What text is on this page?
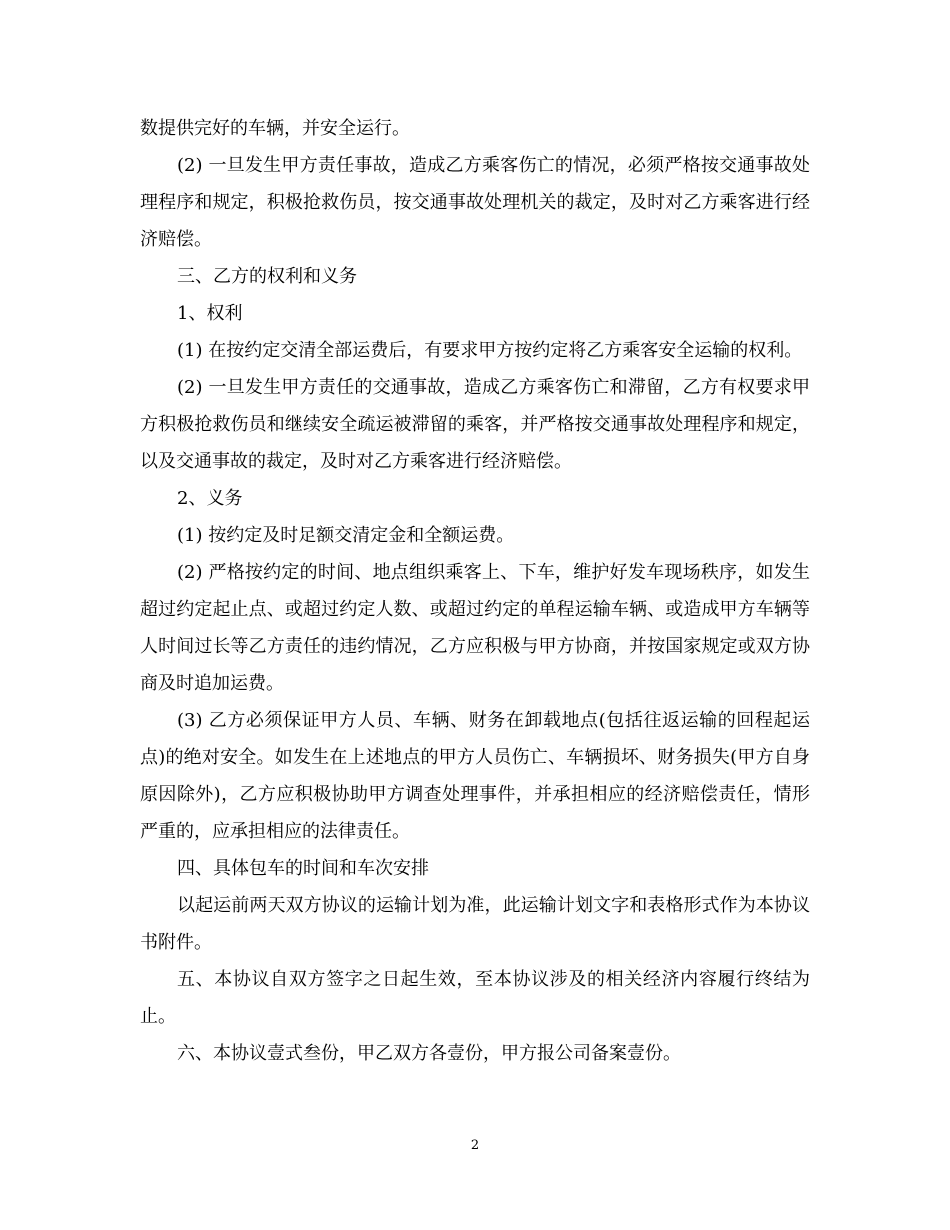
数提供完好的车辆，并安全运行。

(2) 一旦发生甲方责任事故，造成乙方乘客伤亡的情况，必须严格按交通事故处理程序和规定，积极抢救伤员，按交通事故处理机关的裁定，及时对乙方乘客进行经济赔偿。

三、乙方的权利和义务

1、权利

(1) 在按约定交清全部运费后，有要求甲方按约定将乙方乘客安全运输的权利。

(2) 一旦发生甲方责任的交通事故，造成乙方乘客伤亡和滞留，乙方有权要求甲方积极抢救伤员和继续安全疏运被滞留的乘客，并严格按交通事故处理程序和规定，以及交通事故的裁定，及时对乙方乘客进行经济赔偿。

2、义务

(1) 按约定及时足额交清定金和全额运费。

(2) 严格按约定的时间、地点组织乘客上、下车，维护好发车现场秩序，如发生超过约定起止点、或超过约定人数、或超过约定的单程运输车辆、或造成甲方车辆等人时间过长等乙方责任的违约情况，乙方应积极与甲方协商，并按国家规定或双方协商及时追加运费。

(3) 乙方必须保证甲方人员、车辆、财务在卸载地点(包括往返运输的回程起运点)的绝对安全。如发生在上述地点的甲方人员伤亡、车辆损坏、财务损失(甲方自身原因除外)，乙方应积极协助甲方调查处理事件，并承担相应的经济赔偿责任，情形严重的，应承担相应的法律责任。

四、具体包车的时间和车次安排

以起运前两天双方协议的运输计划为准，此运输计划文字和表格形式作为本协议书附件。

五、本协议自双方签字之日起生效，至本协议涉及的相关经济内容履行终结为止。

六、本协议壹式叁份，甲乙双方各壹份，甲方报公司备案壹份。

2
